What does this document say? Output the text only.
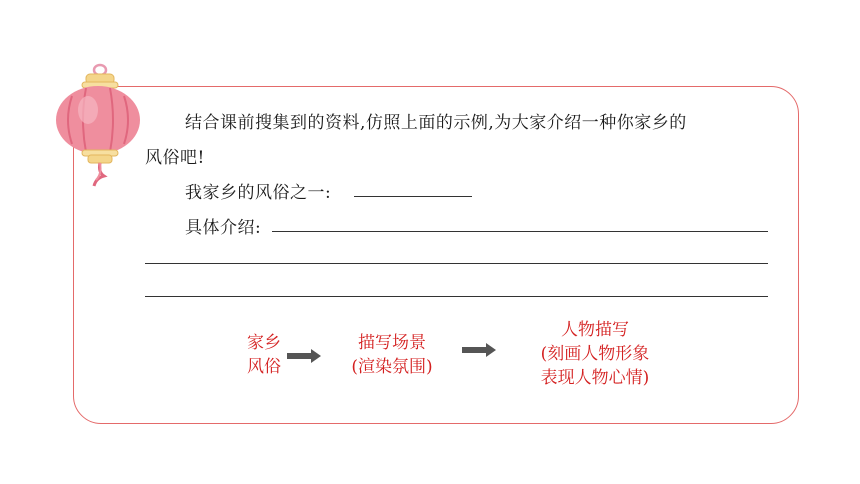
结合课前搜集到的资料,仿照上面的示例,为大家介绍一种你家乡的
风俗吧!
我家乡的风俗之一:
具体介绍:
家乡
风俗
描写场景
(渲染氛围)
人物描写
(刻画人物形象
表现人物心情)
